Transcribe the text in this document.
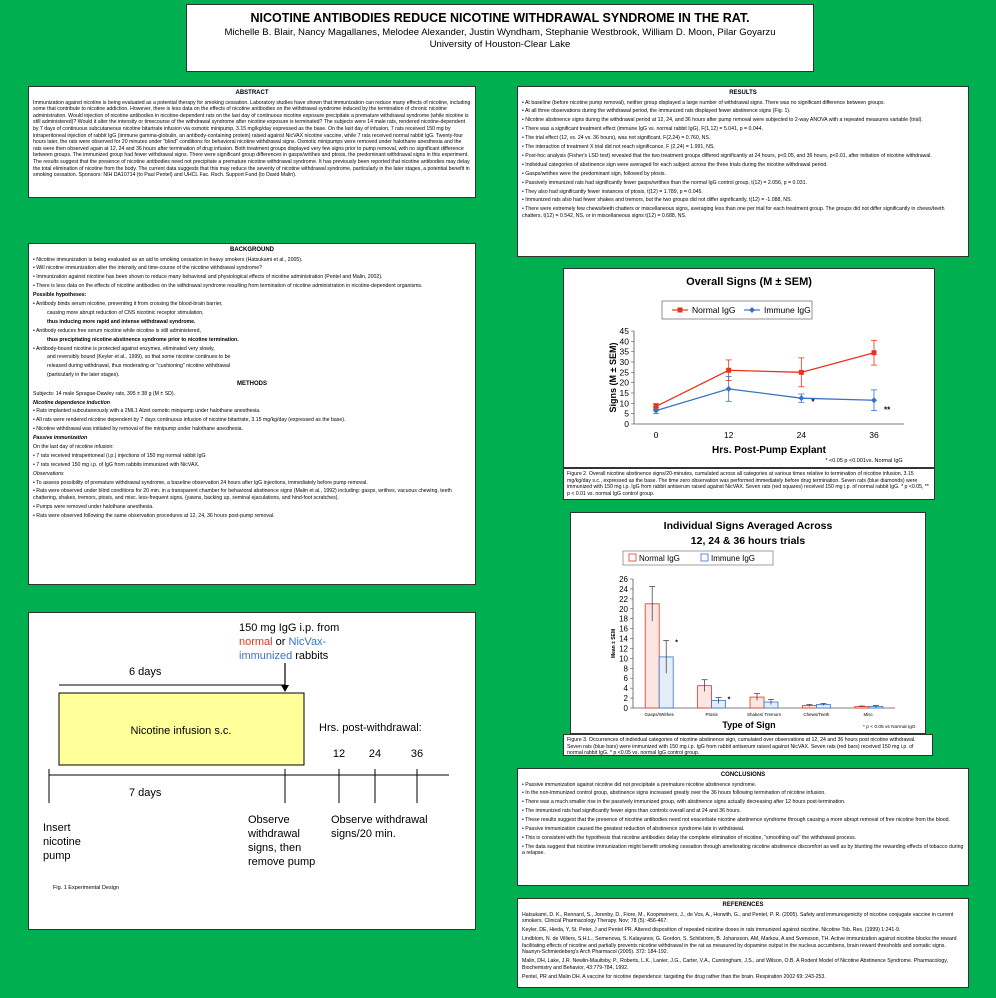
NICOTINE ANTIBODIES REDUCE NICOTINE WITHDRAWAL SYNDROME IN THE RAT.
Michelle B. Blair, Nancy Magallanes, Melodee Alexander, Justin Wyndham, Stephanie Westbrook, William D. Moon, Pilar Goyarzu
University of Houston-Clear Lake
ABSTRACT
Immunization against nicotine is being evaluated as a potential therapy for smoking cessation. Laboratory studies have shown that immunization can reduce many effects of nicotine, including some that contribute to nicotine addiction. However, there is less data on the effects of nicotine antibodies on the withdrawal syndrome induced by the termination of chronic nicotine administration. Would injection of nicotine antibodies in nicotine-dependent rats on the last day of continuous nicotine exposure precipitate a premature withdrawal syndrome (while nicotine is still administered)? Would it alter the intensity or timecourse of the withdrawal syndrome after nicotine exposure is terminated? The subjects were 14 male rats, rendered nicotine-dependent by 7 days of continuous subcutaneous nicotine bitartrate infusion via osmotic minipump, 3.15 mg/kg/day expressed as the base. On the last day of infusion, 7 rats received 150 mg by intraperitoneal injection of rabbit IgG (immune gamma-globulin, an antibody-containing protein) raised against NicVAX nicotine vaccine, while 7 rats received normal rabbit IgG. Twenty-four hours later, the rats were observed for 20 minutes under "blind" conditions for behavioral nicotine withdrawal signs. Osmotic minipumps were removed under halothane anesthesia and the rats were then observed again at 12, 24 and 36 hours after termination of drug infusion. Both treatment groups displayed very few signs prior to pump removal, with no significant difference between groups. The immunized group had fewer withdrawal signs. There were significant group differences in gasps/writhes and ptosis, the predominant withdrawal signs in this experiment. The results suggest that the presence of nicotine antibodies need not precipitate a premature nicotine withdrawal syndrome. It has previously been reported that nicotine antibodies may delay the total elimination of nicotine from the body. The current data suggests that this may reduce the severity of nicotine withdrawal syndrome, particularly in the later stages, a potential benefit in smoking cessation. Sponsors: NIH DA10714 (to Paul Pentel) and UHCL Fac. Rsch. Support Fund (to David Malin).
BACKGROUND

• Nicotine immunization is being evaluated as an aid to smoking cessation in heavy smokers (Hatsukami et al., 2005).

• Will nicotine immunization alter the intensity and time-course of the nicotine withdrawal syndrome?

• Immunization against nicotine has been shown to reduce many behavioral and physiological effects of nicotine administration (Pentel and Malin, 2002).

• There is less data on the effects of nicotine antibodies on the withdrawal syndrome resulting from termination of nicotine administration in nicotine-dependent organisms.

Possible hypotheses:

• Antibody binds serum nicotine, preventing it from crossing the blood-brain barrier,

causing more abrupt reduction of CNS nicotinic receptor stimulation,

thus inducing more rapid and intense withdrawal syndrome.

• Antibody reduces free serum nicotine while nicotine is still administered,

thus precipitating nicotine abstinence syndrome prior to nicotine termination.

• Antibody-bound nicotine is protected against enzymes, eliminated very slowly,

and reversibly bound (Keyler et al., 1999), so that some nicotine continues to be

released during withdrawal, thus moderating or "cushioning" nicotine withdrawal

(particularly in the later stages).

METHODS

Subjects: 14 male Sprague-Dawley rats, 395 ± 38 g (M ± SD).

Nicotine dependence induction

• Rats implanted subcutaneously with a 2ML1 Alzet osmotic minipump under halothane anesthesia.

• All rats were rendered nicotine dependent by 7 days continuous infusion of nicotine bitartrate, 3.15 mg/kg/day (expressed as the base).

• Nicotine withdrawal was initiated by removal of the minipump under halothane anesthesia.

Passive immunization

On the last day of nicotine infusion:

• 7 rats received intraperitoneal (i.p.) injections of 150 mg normal rabbit IgG

• 7 rats received 150 mg i.p. of IgG from rabbits immunized with NicVAX.

Observations

• To assess possibility of premature withdrawal syndrome, a baseline observation 24 hours after IgG injections, immediately before pump removal.

• Rats were observed under blind conditions for 20 min. in a transparent chamber for behavioral abstinence signs (Malin et al., 1992) including: gasps, writhes, vacuous chewing, teeth chattering, shakes, tremors, ptosis, and misc. less-frequent signs, (yawns, backing up, seminal ejaculations, and hind-foot scratches).

• Pumps were removed under halothane anesthesia.

• Rats were observed following the same observation procedures at 12, 24, 36 hours post-pump removal.

RESULTS

• At baseline (before nicotine pump removal), neither group displayed a large number of withdrawal signs. There was no significant difference between groups.

• At all three observations during the withdrawal period, the immunized rats displayed fewer abstinence signs (Fig. 1).

• Nicotine abstinence signs during the withdrawal period at 12, 24, and 36 hours after pump removal were subjected to 2-way ANOVA with a repeated measures variable (trial).

• There was a significant treatment effect (immune IgG vs. normal rabbit IgG), F(1,12) = 5.041, p = 0.044.

• The trial effect (12, vs. 24 vs. 36 hours), was not significant, F(2,24) = 0.760, NS.

• The interaction of treatment X trial did not reach significance, F (2,24) = 1.991, NS.

• Post-hoc analysis (Fisher's LSD test) revealed that the two treatment groups differed significantly at 24 hours, p<0.05, and 36 hours, p<0.01, after initiation of nicotine withdrawal.

• Individual categories of abstinence sign were averaged for each subject across the three trials during the nicotine withdrawal period.

• Gasps/writhes were the predominant sign, followed by ptosis.

• Passively immunized rats had significantly fewer gasps/writhes than the normal IgG control group, t(12) = 2.056, p = 0.031.

• They also had significantly fewer instances of ptosis, t(12) = 1.789, p = 0.045.

• Immunized rats also had fewer shakes and tremors, but the two groups did not differ significantly, t(12) = -1.088, NS.

• There were extremely few chews/teeth chatters or miscellaneous signs, averaging less than one per trial for each treatment group. The groups did not differ significantly in chews/teeth chatters, t(12) = 0.542, NS, or in miscellaneous signs t(12) = 0.688, NS.

Overall Signs (M ± SEM)
Normal IgG	Immune IgG
0
5
10
15
20
25
30
35
40
45
0	12	24	36
Hrs. Post-Pump Explant
Signs (M ± SEM)	*
**
* <0.05 p <0.001vs. Normal IgG
Figure 2. Overall nicotine abstinence signs/20-minutes, cumulated across all categories at various times relative to termination of nicotine infusion, 3.15 mg/kg/day s.c., expressed as the base. The time zero observation was performed immediately before drug termination. Seven rats (blue diamonds) were immunized with 150 mg i.p. IgG from rabbit antiserum raised against NicVAX. Seven rats (red squares) received 150 mg i.p. of normal rabbit IgG. * p <0.05, ** p < 0.01 vs. normal IgG control group.
Individual Signs Averaged Across
12, 24 & 36 hours trials
Normal IgG	Immune IgG
0
2
4
6
8
10
12
14
16
18
20
22
24
26
Mean ± SEM
Gasps/Writhes	Ptosis	Shakes/ Tremors	Chews/Teeth	Misc.
*
*
Type of Sign	* p < 0.05 vs Normal IgG
Figure 3. Occurrences of individual categories of nicotine abstinence sign, cumulated over observations at 12, 24 and 36 hours post nicotine withdrawal. Seven rats (blue bars) were immunized with 150 mg i.p. IgG from rabbit antiserum raised against NicVAX. Seven rats (red bars) received 150 mg i.p. of normal rabbit IgG. * p <0.05 vs. normal IgG control group.
CONCLUSIONS

• Passive immunization against nicotine did not precipitate a premature nicotine abstinence syndrome.

• In the non-immunized control group, abstinence signs increased greatly over the 36 hours following termination of nicotine infusion.

• There was a much smaller rise in the passively immunized group, with abstinence signs actually decreasing after 12 hours post-termination.

• The immunized rats had significantly fewer signs than controls overall and at 24 and 36 hours.

• These results suggest that the presence of nicotine antibodies need not exacerbate nicotine abstinence syndrome through causing a more abrupt removal of free nicotine from the blood.

• Passive immunization caused the greatest reduction of abstinence syndrome late in withdrawal.

• This is consistent with the hypothesis that nicotine antibodies delay the complete elimination of nicotine, "smoothing out" the withdrawal process.

• The data suggest that nicotine immunization might benefit smoking cessation through ameliorating nicotine abstinence discomfort as well as by blunting the rewarding effects of tobacco during a relapse.

REFERENCES

Hatsukami, D. K., Rennard, S., Jorenby, D., Fiore, M., Koopmeiners, J., de Vos, A., Horwith, G., and Pentel, P. R. (2005). Safety and immunogenicity of nicotine conjugate vaccine in current smokers. Clinical Pharmacology Therapy. Nov; 78 (5): 456-467.

Keyler, DE, Hieda, Y, St. Peter, J and Pentel PR. Altered disposition of repeated nicotine doses in rats immunized against nicotine. Nicotine Tob. Res. (1999) 1:241-9.

Lindblom, N. de Villiers, S.H.L., Semenova, S. Kalayanov, G. Gordon, S. Schilstrom, B. Johansson, AM, Markou, A and Svensson, TH. Active immunization against nicotine blocks the reward facilitating effects of nicotine and partially prevents nicotine withdrawal in the rat as measured by dopamine output in the nucleus accumbens, brain reward thresholds and somatic signs. Naunyn-Schmiedeberg's Arch Pharmacol (2005). 372: 184-192.

Malin, DH, Lake, J.R. Newlin-Maultsby, P., Roberts, L.K., Lanier, J.G., Carter, V.A., Cunningham, J.S., and Wilson, O.B. A Rodent Model of Nicotine Abstinence Syndrome. Pharmacology, Biochemistry and Behavior, 43:779-784, 1992.

Pentel, PR and Malin DH. A vaccine for nicotine dependence: targeting the drug rather than the brain. Respiration 2002 69: 243-253.

150 mg IgG i.p. from
normal or NicVax-
immunized rabbits
6 days
Nicotine infusion s.c.	Hrs. post-withdrawal:
12 24	36
7 days
Insert
nicotine
pump
Observe
withdrawal
signs, then
remove pump
Observe withdrawal
signs/20 min.
Fig. 1 Experimental Design
